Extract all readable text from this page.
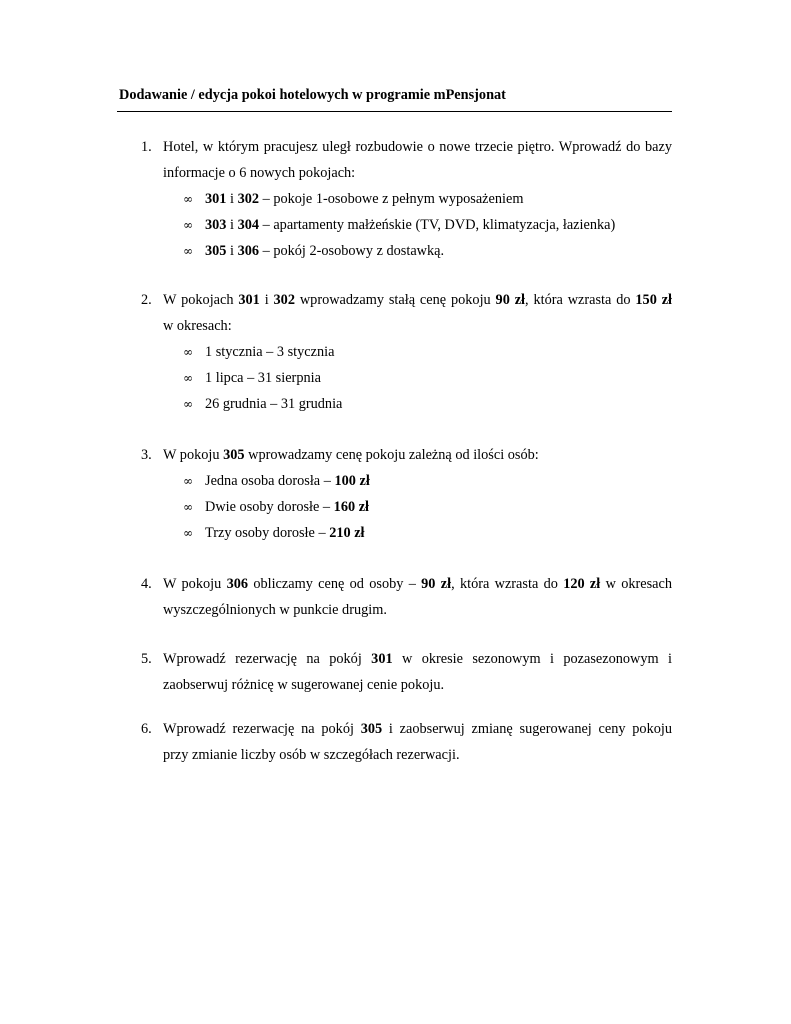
Dodawanie / edycja pokoi hotelowych w programie mPensjonat
1. Hotel, w którym pracujesz uległ rozbudowie o nowe trzecie piętro. Wprowadź do bazy

informacje o 6 nowych pokojach:

∞ 301 i 302 – pokoje 1-osobowe z pełnym wyposażeniem
∞ 303 i 304 – apartamenty małżeńskie (TV, DVD, klimatyzacja, łazienka)
∞ 305 i 306 – pokój 2-osobowy z dostawką.
2. W pokojach 301 i 302 wprowadzamy stałą cenę pokoju 90 zł, która wzrasta do 150 zł

w okresach:

∞ 1 stycznia – 3 stycznia
∞ 1 lipca – 31 sierpnia
∞ 26 grudnia – 31 grudnia
3. W pokoju 305 wprowadzamy cenę pokoju zależną od ilości osób:

∞ Jedna osoba dorosła – 100 zł
∞ Dwie osoby dorosłe – 160 zł
∞ Trzy osoby dorosłe – 210 zł
4. W pokoju 306 obliczamy cenę od osoby – 90 zł, która wzrasta do 120 zł w okresach

wyszczególnionych w punkcie drugim.

5. Wprowadź rezerwację na pokój 301 w okresie sezonowym i pozasezonowym i

zaobserwuj różnicę w sugerowanej cenie pokoju.

6. Wprowadź rezerwację na pokój 305 i zaobserwuj zmianę sugerowanej ceny pokoju

przy zmianie liczby osób w szczegółach rezerwacji.
